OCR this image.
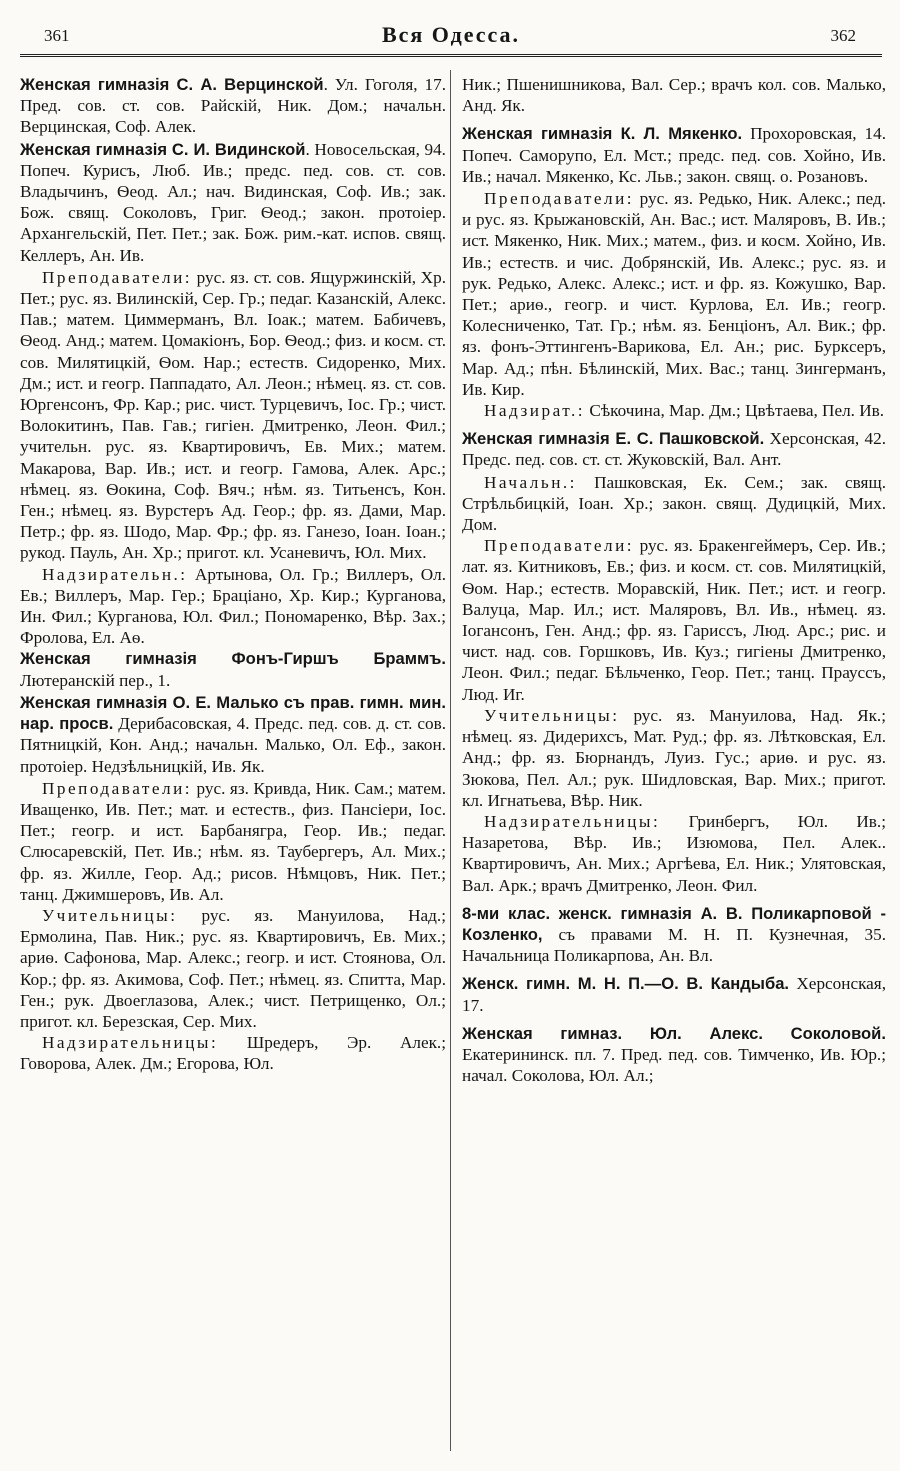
361	Вся Одесса.	362

Женская гимназія С. А. Верцинской. Ул. Гоголя, 17. Пред. сов. ст. сов. Райскій, Ник. Дом.; начальн. Верцинская, Соф. Алек.

Женская гимназія С. И. Видинской. Новосельская, 94. Попеч. Курисъ, Люб. Ив.; предс. пед. сов. ст. сов. Владычинъ, Ѳеод. Ал.; нач. Видинская, Соф. Ив.; зак. Бож. свящ. Соколовъ, Григ. Ѳеод.; закон. протоіер. Архангельскій, Пет. Пет.; зак. Бож. рим.-кат. испов. свящ. Келлеръ, Ан. Ив.

Преподаватели: рус. яз. ст. сов. Ящуржинскій, Хр. Пет.; рус. яз. Вилинскій, Сер. Гр.; педаг. Казанскій, Алекс. Пав.; матем. Циммерманъ, Вл. Іоак.; матем. Бабичевъ, Ѳеод. Анд.; матем. Цомакіонъ, Бор. Ѳеод.; физ. и косм. ст. сов. Милятицкій, Ѳом. Нар.; естеств. Сидоренко, Мих. Дм.; ист. и геогр. Паппадато, Ал. Леон.; нѣмец. яз. ст. сов. Юргенсонъ, Фр. Кар.; рис. чист. Турцевичъ, Іос. Гр.; чист. Волокитинъ, Пав. Гав.; гигіен. Дмитренко, Леон. Фил.; учительн. рус. яз. Квартировичъ, Ев. Мих.; матем. Макарова, Вар. Ив.; ист. и геогр. Гамова, Алек. Арс.; нѣмец. яз. Ѳокина, Соф. Вяч.; нѣм. яз. Титьенсъ, Кон. Ген.; нѣмец. яз. Вурстеръ Ад. Геор.; фр. яз. Дами, Мар. Петр.; фр. яз. Шодо, Мар. Фр.; фр. яз. Ганезо, Іоан. Іоан.; рукод. Пауль, Ан. Хр.; пригот. кл. Усаневичъ, Юл. Мих.

Надзирательн.: Артынова, Ол. Гр.; Виллеръ, Ол. Ев.; Виллеръ, Мар. Гер.; Брацiано, Хр. Кир.; Курганова, Ин. Фил.; Курганова, Юл. Фил.; Пономаренко, Вѣр. Зах.; Фролова, Ел. Аѳ.

Женская гимназія Фонъ-Гиршъ Браммъ. Лютеранскій пер., 1.

Женская гимназія О. Е. Малько съ прав. гимн. мин. нар. просв. Дерибасовская, 4. Предс. пед. сов. д. ст. сов. Пятницкій, Кон. Анд.; начальн. Малько, Ол. Еф., закон. протоіер. Недзѣльницкій, Ив. Як.

Преподаватели: рус. яз. Кривда, Ник. Сам.; матем. Иващенко, Ив. Пет.; мат. и естеств., физ. Пансіери, Іос. Пет.; геогр. и ист. Барбанягра, Геор. Ив.; педаг. Слюсаревскій, Пет. Ив.; нѣм. яз. Таубергеръ, Ал. Мих.; фр. яз. Жилле, Геор. Ад.; рисов. Нѣмцовъ, Ник. Пет.; танц. Джимшеровъ, Ив. Ал.

Учительницы: рус. яз. Мануилова, Над.; Ермолина, Пав. Ник.; рус. яз. Квартировичъ, Ев. Мих.; ариѳ. Сафонова, Мар. Алекс.; геогр. и ист. Стоянова, Ол. Кор.; фр. яз. Акимова, Соф. Пет.; нѣмец. яз. Спитта, Мар. Ген.; рук. Двоеглазова, Алек.; чист. Петрищенко, Ол.; пригот. кл. Березская, Сер. Мих.

Надзирательницы: Шредеръ, Эр. Алек.; Говорова, Алек. Дм.; Егорова, Юл.

Ник.; Пшенишникова, Вал. Сер.; врачъ кол. сов. Малько, Анд. Як.

Женская гимназія К. Л. Мякенко. Прохоровская, 14. Попеч. Саморупо, Ел. Мст.; предс. пед. сов. Хойно, Ив. Ив.; начал. Мякенко, Кс. Льв.; закон. свящ. о. Розановъ.

Преподаватели: рус. яз. Редько, Ник. Алекс.; пед. и рус. яз. Крыжановскій, Ан. Вас.; ист. Маляровъ, В. Ив.; ист. Мякенко, Ник. Мих.; матем., физ. и косм. Хойно, Ив. Ив.; естеств. и чис. Добрянскій, Ив. Алекс.; рус. яз. и рук. Редько, Алекс. Алекс.; ист. и фр. яз. Кожушко, Вар. Пет.; ариѳ., геогр. и чист. Курлова, Ел. Ив.; геогр. Колесниченко, Тат. Гр.; нѣм. яз. Бенціонъ, Ал. Вик.; фр. яз. фонъ-Эттингенъ-Варикова, Ел. Ан.; рис. Буркcеръ, Мар. Ад.; пѣн. Бѣлинскій, Мих. Вас.; танц. Зингерманъ, Ив. Кир.

Надзират.: Сѣкочина, Мар. Дм.; Цвѣтаева, Пел. Ив.

Женская гимназія Е. С. Пашковской. Херсонская, 42. Предс. пед. сов. ст. ст. Жуковскій, Вал. Ант.

Начальн.: Пашковская, Ек. Сем.; зак. свящ. Стрѣльбицкій, Іоан. Хр.; закон. свящ. Дудицкій, Мих. Дом.

Преподаватели: рус. яз. Бракенгеймеръ, Сер. Ив.; лат. яз. Китниковъ, Ев.; физ. и косм. ст. сов. Милятицкій, Ѳом. Нар.; естеств. Моравскій, Ник. Пет.; ист. и геогр. Валуца, Мар. Ил.; ист. Маляровъ, Вл. Ив., нѣмец. яз. Іогансонъ, Ген. Анд.; фр. яз. Гариссъ, Люд. Арс.; рис. и чист. над. сов. Горшковъ, Ив. Куз.; гигіены Дмитренко, Леон. Фил.; педаг. Бѣльченко, Геор. Пет.; танц. Праусcъ, Люд. Иг.

Учительницы: рус. яз. Мануилова, Над. Як.; нѣмец. яз. Дидерихсъ, Мат. Руд.; фр. яз. Лѣтковская, Ел. Анд.; фр. яз. Бюрнандъ, Луиз. Гус.; ариѳ. и рус. яз. Зюкова, Пел. Ал.; рук. Шидловская, Вар. Мих.; пригот. кл. Игнатьева, Вѣр. Ник.

Надзирательницы: Гринбергъ, Юл. Ив.; Назаретова, Вѣр. Ив.; Изюмова, Пел. Алек.. Квартировичъ, Ан. Мих.; Аргѣева, Ел. Ник.; Улятовская, Вал. Арк.; врачъ Дмитренко, Леон. Фил.

8-ми клас. женск. гимназія А. В. Поликарповой - Козленко, съ правами М. Н. П. Кузнечная, 35. Начальница Поликарпова, Ан. Вл.

Женск. гимн. М. Н. П.—О. В. Кандыба. Херсонская, 17.

Женская гимназ. Юл. Алекс. Соколовой. Екатерининск. пл. 7. Пред. пед. сов. Тимченко, Ив. Юр.; начал. Соколова, Юл. Ал.;
